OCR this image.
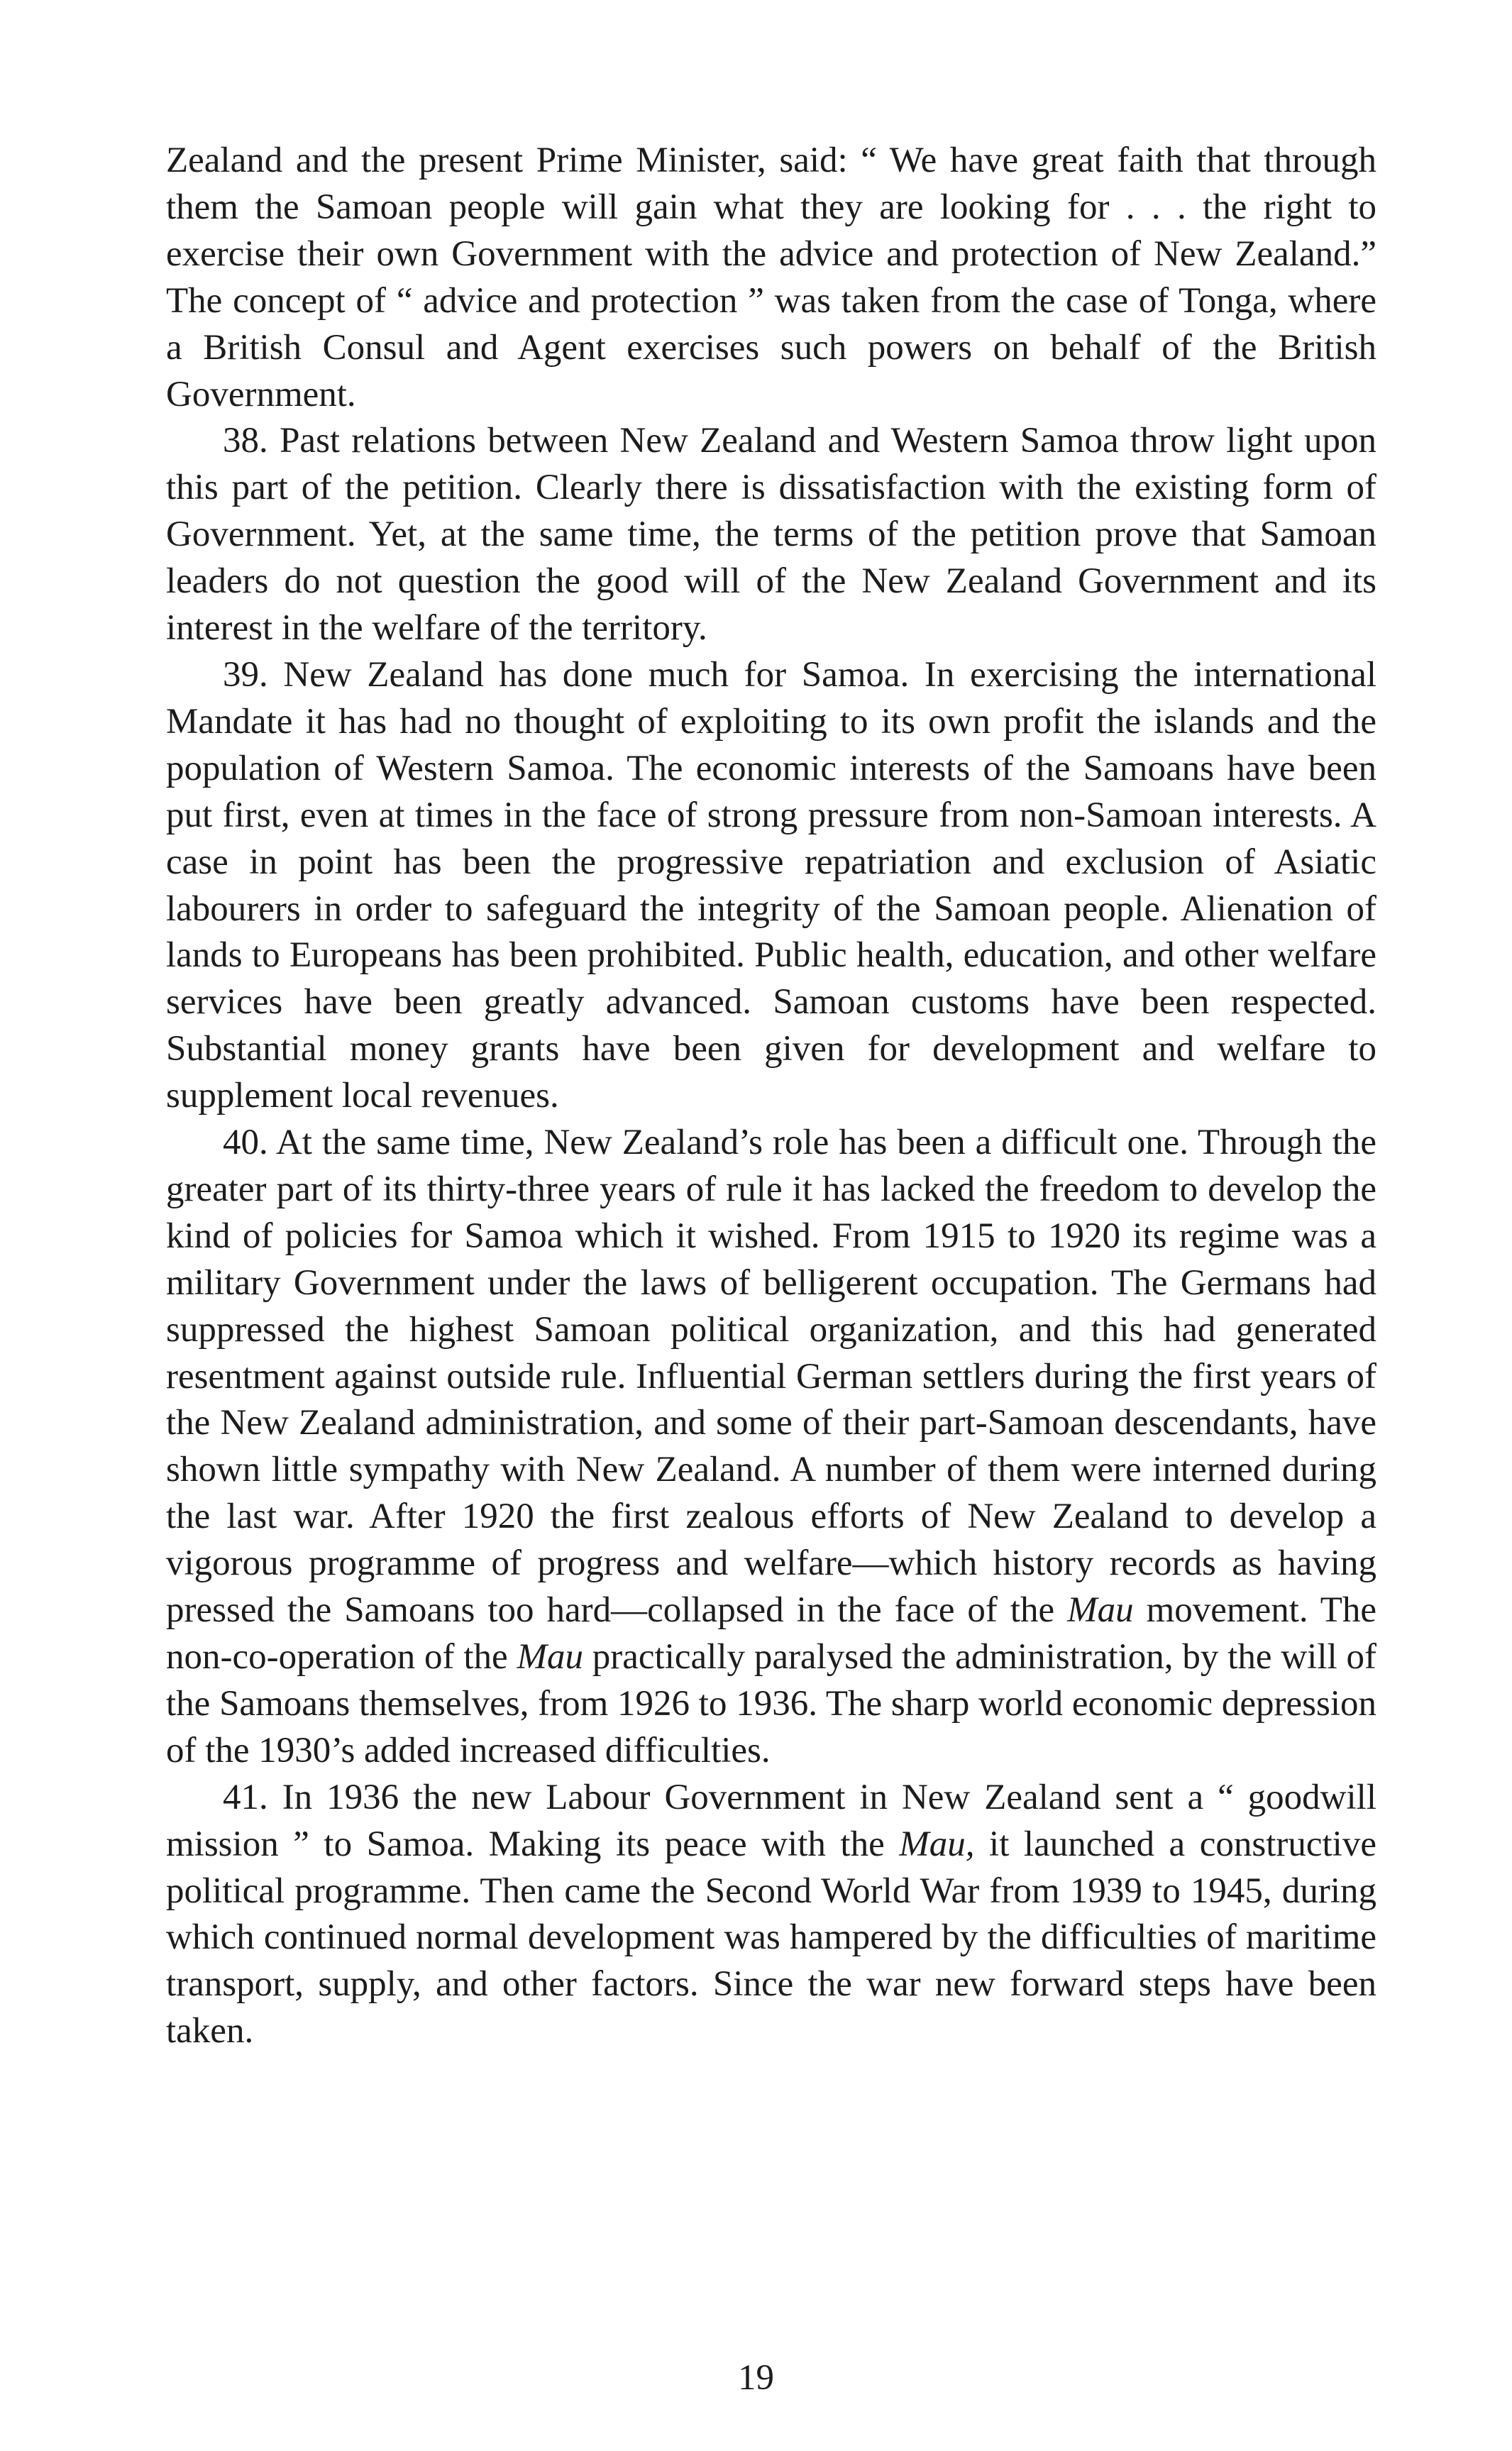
Zealand and the present Prime Minister, said: “ We have great faith that through them the Samoan people will gain what they are looking for . . . the right to exercise their own Government with the advice and protection of New Zealand.” The concept of “ advice and protection ” was taken from the case of Tonga, where a British Consul and Agent exercises such powers on behalf of the British Government.

38. Past relations between New Zealand and Western Samoa throw light upon this part of the petition. Clearly there is dissatisfaction with the existing form of Government. Yet, at the same time, the terms of the petition prove that Samoan leaders do not question the good will of the New Zealand Government and its interest in the welfare of the territory.

39. New Zealand has done much for Samoa. In exercising the international Mandate it has had no thought of exploiting to its own profit the islands and the population of Western Samoa. The economic interests of the Samoans have been put first, even at times in the face of strong pressure from non-Samoan interests. A case in point has been the progressive repatriation and exclusion of Asiatic labourers in order to safeguard the integrity of the Samoan people. Alienation of lands to Europeans has been prohibited. Public health, education, and other welfare services have been greatly advanced. Samoan customs have been respected. Substantial money grants have been given for development and welfare to supplement local revenues.

40. At the same time, New Zealand’s role has been a difficult one. Through the greater part of its thirty-three years of rule it has lacked the freedom to develop the kind of policies for Samoa which it wished. From 1915 to 1920 its regime was a military Government under the laws of belligerent occupation. The Germans had suppressed the highest Samoan political organization, and this had generated resentment against outside rule. Influential German settlers during the first years of the New Zealand administration, and some of their part-Samoan descendants, have shown little sympathy with New Zealand. A number of them were interned during the last war. After 1920 the first zealous efforts of New Zealand to develop a vigorous programme of progress and welfare—which history records as having pressed the Samoans too hard—collapsed in the face of the Mau movement. The non-co-operation of the Mau practically paralysed the administration, by the will of the Samoans themselves, from 1926 to 1936. The sharp world economic depression of the 1930’s added increased difficulties.

41. In 1936 the new Labour Government in New Zealand sent a “ goodwill mission ” to Samoa. Making its peace with the Mau, it launched a constructive political programme. Then came the Second World War from 1939 to 1945, during which continued normal development was hampered by the difficulties of maritime transport, supply, and other factors. Since the war new forward steps have been taken.

19
